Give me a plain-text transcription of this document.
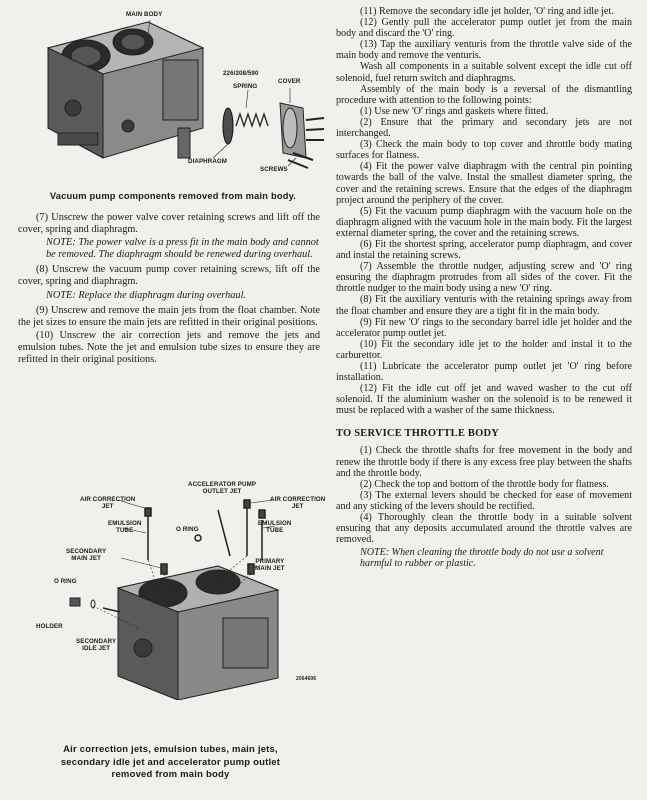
MAIN BODY
226/208/590
SPRING
COVER
DIAPHRAGM
SCREWS
Vacuum pump components removed from main body.

(7) Unscrew the power valve cover retaining screws and lift off the cover, spring and diaphragm.

NOTE: The power valve is a press fit in the main body and cannot be removed. The diaphragm should be renewed during overhaul.

(8) Unscrew the vacuum pump cover retaining screws, lift off the cover, spring and diaphragm.

NOTE: Replace the diaphragm during overhaul.

(9) Unscrew and remove the main jets from the float chamber. Note the jet sizes to ensure the main jets are refitted in their original positions.

(10) Unscrew the air correction jets and remove the jets and emulsion tubes. Note the jet and emulsion tube sizes to ensure they are refitted in their original positions.

ACCELERATOR PUMP
OUTLET JET
AIR CORRECTION
JET
AIR CORRECTION
JET
EMULSION
TUBE	O RING
EMULSION
TUBE
SECONDARY
MAIN JET	PRIMARY
MAIN JET
O RING
HOLDER
SECONDARY
IDLE JET
2064606
Air correction jets, emulsion tubes, main jets,
secondary idle jet and accelerator pump outlet
removed from main body

(11) Remove the secondary idle jet holder, 'O' ring and idle jet.

(12) Gently pull the accelerator pump outlet jet from the main body and discard the 'O' ring.

(13) Tap the auxiliary venturis from the throttle valve side of the main body and remove the venturis.

Wash all components in a suitable solvent except the idle cut off solenoid, fuel return switch and diaphragms.

Assembly of the main body is a reversal of the dismantling procedure with attention to the following points:

(1) Use new 'O' rings and gaskets where fitted.

(2) Ensure that the primary and secondary jets are not interchanged.

(3) Check the main body to top cover and throttle body mating surfaces for flatness.

(4) Fit the power valve diaphragm with the central pin pointing towards the ball of the valve. Instal the smallest diameter spring, the cover and the retaining screws. Ensure that the edges of the diaphragm project around the periphery of the cover.

(5) Fit the vacuum pump diaphragm with the vacuum hole on the diaphragm aligned with the vacuum hole in the main body. Fit the largest external diameter spring, the cover and the retaining screws.

(6) Fit the shortest spring, accelerator pump diaphragm, and cover and instal the retaining screws.

(7) Assemble the throttle nudger, adjusting screw and 'O' ring ensuring the diaphragm protrudes from all sides of the cover. Fit the throttle nudger to the main body using a new 'O' ring.

(8) Fit the auxiliary venturis with the retaining springs away from the float chamber and ensure they are a tight fit in the main body.

(9) Fit new 'O' rings to the secondary barrel idle jet holder and the accelerator pump outlet jet.

(10) Fit the secondary idle jet to the holder and instal it to the carburettor.

(11) Lubricate the accelerator pump outlet jet 'O' ring before installation.

(12) Fit the idle cut off jet and waved washer to the cut off solenoid. If the aluminium washer on the solenoid is to be renewed it must be replaced with a washer of the same thickness.

TO SERVICE THROTTLE BODY

(1) Check the throttle shafts for free movement in the body and renew the throttle body if there is any excess free play between the shafts and the throttle body.

(2) Check the top and bottom of the throttle body for flatness.

(3) The external levers should be checked for ease of movement and any sticking of the levers should be rectified.

(4) Thoroughly clean the throttle body in a suitable solvent ensuring that any deposits accumulated around the throttle valves are removed.

NOTE: When cleaning the throttle body do not use a solvent harmful to rubber or plastic.
